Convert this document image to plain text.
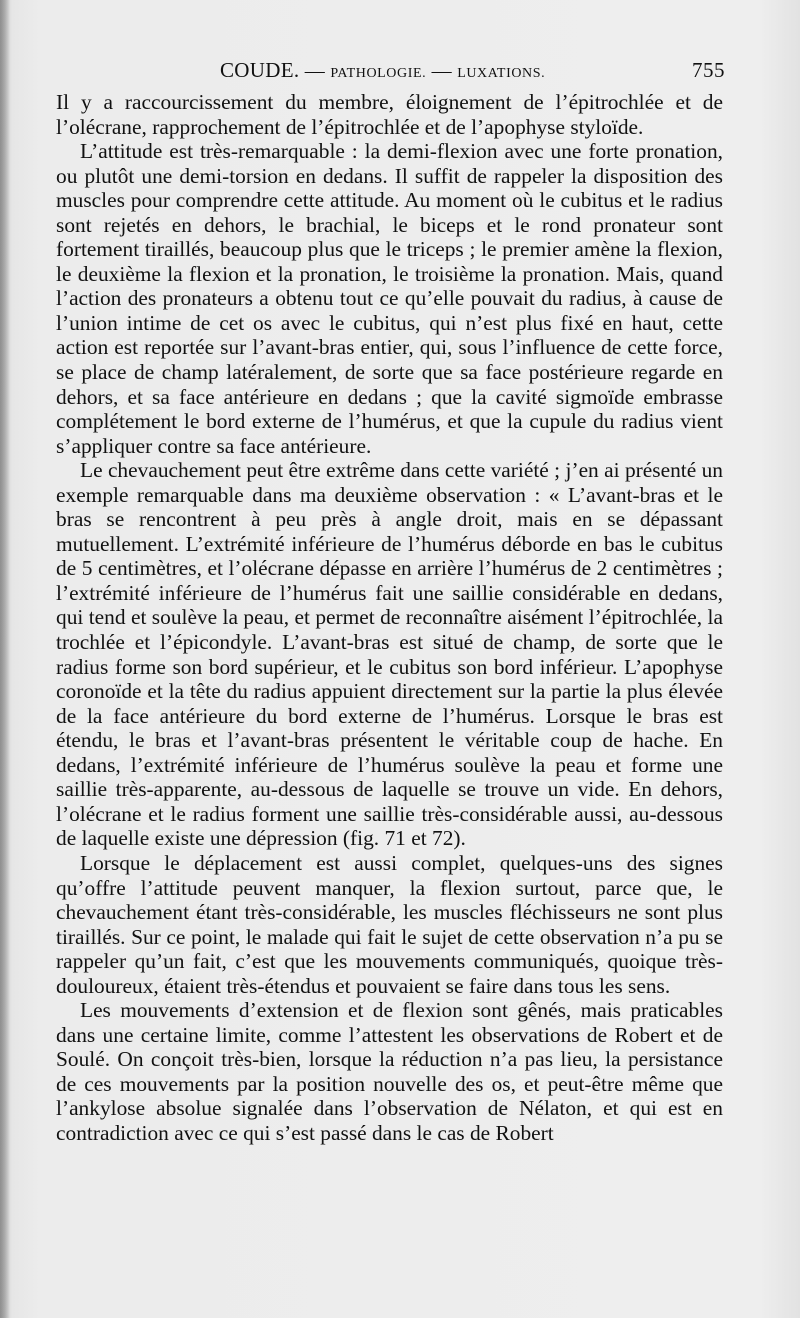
COUDE. — PATHOLOGIE. — LUXATIONS.	755

Il y a raccourcissement du membre, éloignement de l’épitrochlée et de l’olécrane, rapprochement de l’épitrochlée et de l’apophyse styloïde.

L’attitude est très-remarquable : la demi-flexion avec une forte pronation, ou plutôt une demi-torsion en dedans. Il suffit de rappeler la disposition des muscles pour comprendre cette attitude. Au moment où le cubitus et le radius sont rejetés en dehors, le brachial, le biceps et le rond pronateur sont fortement tiraillés, beaucoup plus que le triceps ; le premier amène la flexion, le deuxième la flexion et la pronation, le troisième la pronation. Mais, quand l’action des pronateurs a obtenu tout ce qu’elle pouvait du radius, à cause de l’union intime de cet os avec le cubitus, qui n’est plus fixé en haut, cette action est reportée sur l’avant-bras entier, qui, sous l’influence de cette force, se place de champ latéralement, de sorte que sa face postérieure regarde en dehors, et sa face antérieure en dedans ; que la cavité sigmoïde embrasse complétement le bord externe de l’humérus, et que la cupule du radius vient s’appliquer contre sa face antérieure.

Le chevauchement peut être extrême dans cette variété ; j’en ai présenté un exemple remarquable dans ma deuxième observation : « L’avant-bras et le bras se rencontrent à peu près à angle droit, mais en se dépassant mutuellement. L’extrémité inférieure de l’humérus déborde en bas le cubitus de 5 centimètres, et l’olécrane dépasse en arrière l’humérus de 2 centimètres ; l’extrémité inférieure de l’humérus fait une saillie considérable en dedans, qui tend et soulève la peau, et permet de reconnaître aisément l’épitrochlée, la trochlée et l’épicondyle. L’avant-bras est situé de champ, de sorte que le radius forme son bord supérieur, et le cubitus son bord inférieur. L’apophyse coronoïde et la tête du radius appuient directement sur la partie la plus élevée de la face antérieure du bord externe de l’humérus. Lorsque le bras est étendu, le bras et l’avant-bras présentent le véritable coup de hache. En dedans, l’extrémité inférieure de l’humérus soulève la peau et forme une saillie très-apparente, au-dessous de laquelle se trouve un vide. En dehors, l’olécrane et le radius forment une saillie très-considérable aussi, au-dessous de laquelle existe une dépression (fig. 71 et 72).

Lorsque le déplacement est aussi complet, quelques-uns des signes qu’offre l’attitude peuvent manquer, la flexion surtout, parce que, le chevauchement étant très-considérable, les muscles fléchisseurs ne sont plus tiraillés. Sur ce point, le malade qui fait le sujet de cette observation n’a pu se rappeler qu’un fait, c’est que les mouvements communiqués, quoique très-douloureux, étaient très-étendus et pouvaient se faire dans tous les sens.

Les mouvements d’extension et de flexion sont gênés, mais praticables dans une certaine limite, comme l’attestent les observations de Robert et de Soulé. On conçoit très-bien, lorsque la réduction n’a pas lieu, la persistance de ces mouvements par la position nouvelle des os, et peut-être même que l’ankylose absolue signalée dans l’observation de Nélaton, et qui est en contradiction avec ce qui s’est passé dans le cas de Robert
